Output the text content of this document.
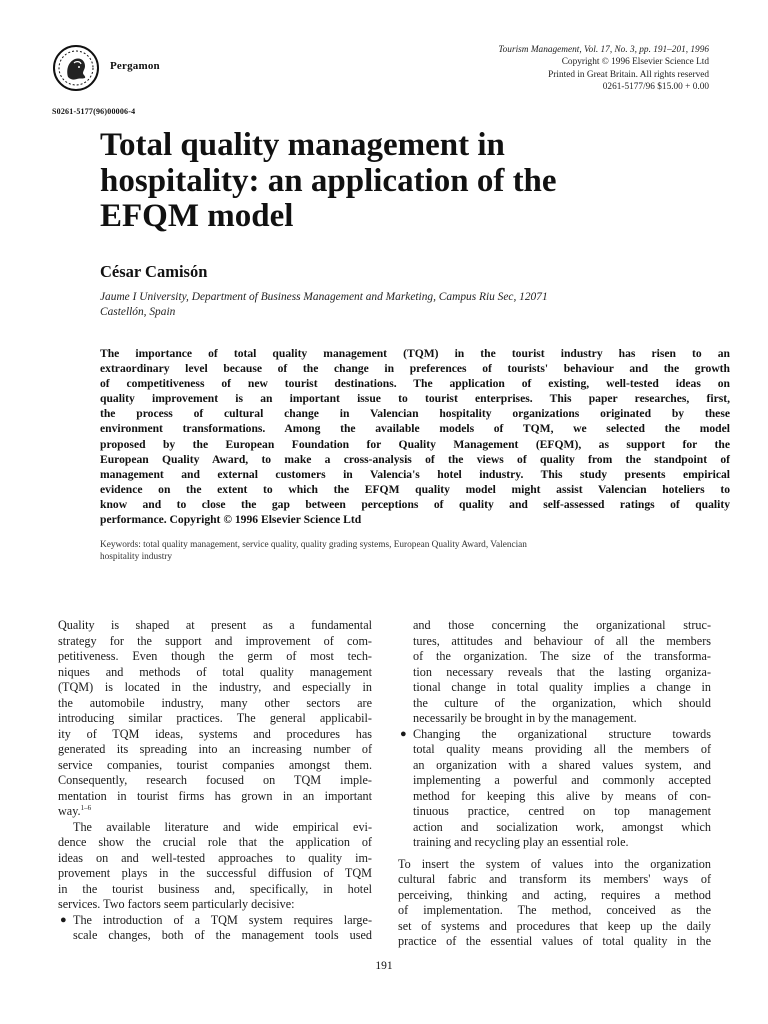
Pergamon
S0261-5177(96)00006-4
Tourism Management, Vol. 17, No. 3, pp. 191–201, 1996
Copyright © 1996 Elsevier Science Ltd
Printed in Great Britain. All rights reserved
0261-5177/96 $15.00 + 0.00
Total quality management in
hospitality: an application of the
EFQM model
César Camisón
Jaume I University, Department of Business Management and Marketing, Campus Riu Sec, 12071
Castellón, Spain
The importance of total quality management (TQM) in the tourist industry has risen to an
extraordinary level because of the change in preferences of tourists' behaviour and the growth
of competitiveness of new tourist destinations. The application of existing, well-tested ideas on
quality improvement is an important issue to tourist enterprises. This paper researches, first,
the process of cultural change in Valencian hospitality organizations originated by these
environment transformations. Among the available models of TQM, we selected the model
proposed by the European Foundation for Quality Management (EFQM), as support for the
European Quality Award, to make a cross-analysis of the views of quality from the standpoint of
management and external customers in Valencia's hotel industry. This study presents empirical
evidence on the extent to which the EFQM quality model might assist Valencian hoteliers to
know and to close the gap between perceptions of quality and self-assessed ratings of quality
performance. Copyright © 1996 Elsevier Science Ltd
Keywords: total quality management, service quality, quality grading systems, European Quality Award, Valencian
hospitality industry
Quality is shaped at present as a fundamental
strategy for the support and improvement of com-
petitiveness. Even though the germ of most tech-
niques and methods of total quality management
(TQM) is located in the industry, and especially in
the automobile industry, many other sectors are
introducing similar practices. The general applicabil-
ity of TQM ideas, systems and procedures has
generated its spreading into an increasing number of
service companies, tourist companies amongst them.
Consequently, research focused on TQM imple-
mentation in tourist firms has grown in an important
way.$^{1-6}$
The available literature and wide empirical evi-
dence show the crucial role that the application of
ideas on and well-tested approaches to quality im-
provement plays in the successful diffusion of TQM
in the tourist business and, specifically, in hotel
services. Two factors seem particularly decisive:
● The introduction of a TQM system requires large-
scale changes, both of the management tools used
and those concerning the organizational struc-
tures, attitudes and behaviour of all the members
of the organization. The size of the transforma-
tion necessary reveals that the lasting organiza-
tional change in total quality implies a change in
the culture of the organization, which should
necessarily be brought in by the management.
● Changing the organizational structure towards
total quality means providing all the members of
an organization with a shared values system, and
implementing a powerful and commonly accepted
method for keeping this alive by means of con-
tinuous practice, centred on top management
action and socialization work, amongst which
training and recycling play an essential role.
To insert the system of values into the organization
cultural fabric and transform its members' ways of
perceiving, thinking and acting, requires a method
of implementation. The method, conceived as the
set of systems and procedures that keep up the daily
practice of the essential values of total quality in the
191
